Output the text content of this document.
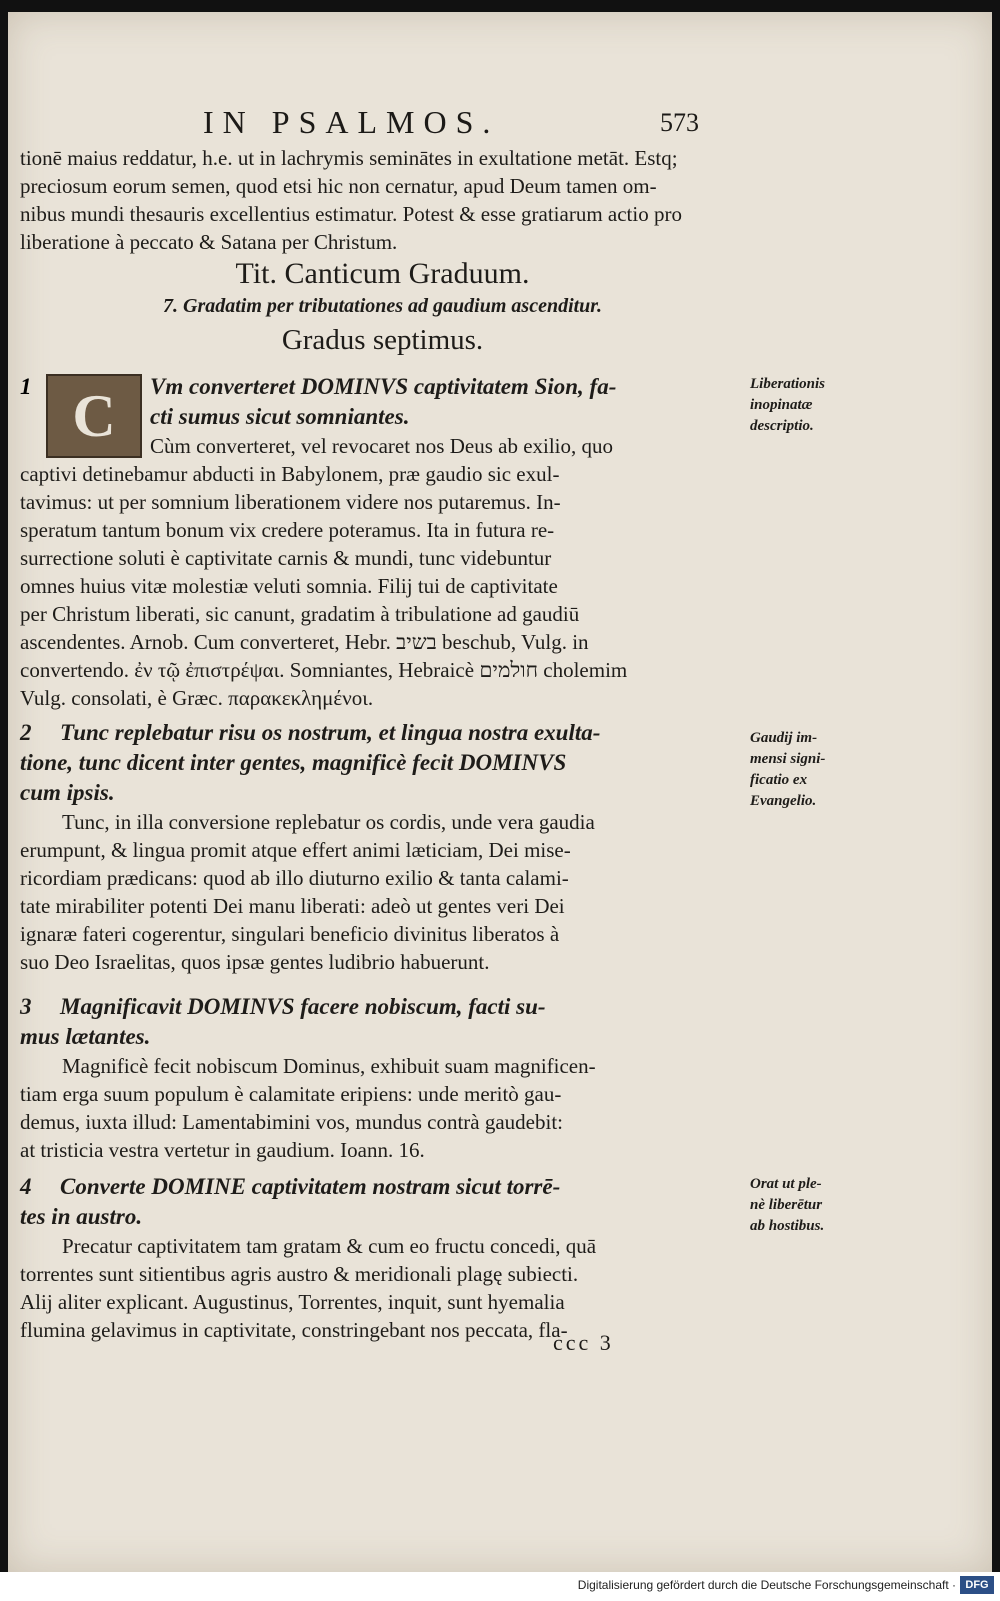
IN PSALMOS.	573

tionē maius reddatur, h.e. ut in lachrymis seminātes in exultatione metāt. Estq;

preciosum eorum semen, quod etsi hic non cernatur, apud Deum tamen om-

nibus mundi thesauris excellentius estimatur. Potest & esse gratiarum actio pro

liberatione à peccato & Satana per Christum.

Tit. Canticum Graduum.

7. Gradatim per tributationes ad gaudium ascenditur.

Gradus septimus.

C	Vm converteret DOMINVS captivitatem Sion, fa-

cti sumus sicut somniantes.

Cùm converteret, vel revocaret nos Deus ab exilio, quo

captivi detinebamur abducti in Babylonem, præ gaudio sic exul-

tavimus: ut per somnium liberationem videre nos putaremus. In-

speratum tantum bonum vix credere poteramus. Ita in futura re-

surrectione soluti è captivitate carnis & mundi, tunc videbuntur

omnes huius vitæ molestiæ veluti somnia. Filij tui de captivitate

per Christum liberati, sic canunt, gradatim à tribulatione ad gaudiū

ascendentes. Arnob. Cum converteret, Hebr. בשיב beschub, Vulg. in

convertendo. ἐν τῷ ἐπιστρέψαι. Somniantes, Hebraicè חולמים cholemim

Vulg. consolati, è Græc. παρακεκλημένοι.

1

2 Tunc replebatur risu os nostrum, et lingua nostra exulta-

tione, tunc dicent inter gentes, magnificè fecit DOMINVS

cum ipsis.

Tunc, in illa conversione replebatur os cordis, unde vera gaudia

erumpunt, & lingua promit atque effert animi læticiam, Dei mise-

ricordiam prædicans: quod ab illo diuturno exilio & tanta calami-

tate mirabiliter potenti Dei manu liberati: adeò ut gentes veri Dei

ignaræ fateri cogerentur, singulari beneficio divinitus liberatos à

suo Deo Israelitas, quos ipsæ gentes ludibrio habuerunt.

3 Magnificavit DOMINVS facere nobiscum, facti su-

mus lætantes.

Magnificè fecit nobiscum Dominus, exhibuit suam magnificen-

tiam erga suum populum è calamitate eripiens: unde meritò gau-

demus, iuxta illud: Lamentabimini vos, mundus contrà gaudebit:

at tristicia vestra vertetur in gaudium. Ioann. 16.

4 Converte DOMINE captivitatem nostram sicut torrē-

tes in austro.

Precatur captivitatem tam gratam & cum eo fructu concedi, quā

torrentes sunt sitientibus agris austro & meridionali plagę subiecti.

Alij aliter explicant. Augustinus, Torrentes, inquit, sunt hyemalia

flumina gelavimus in captivitate, constringebant nos peccata, fla-

Liberationis
inopinatæ
descriptio.
Gaudij im-
mensi signi-
ficatio ex
Evangelio.
Orat ut ple-
nè liberētur
ab hostibus.
ccc 3
Digitalisierung gefördert durch die Deutsche Forschungsgemeinschaft · DFG
